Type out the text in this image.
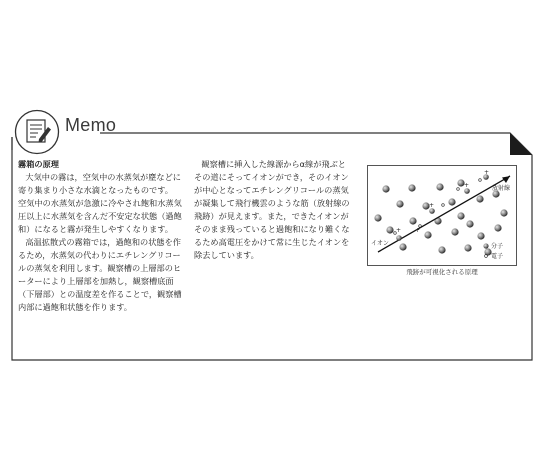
Memo

霧箱の原理

大気中の霧は，空気中の水蒸気が塵などに寄り集まり小さな水滴となったものです。

空気中の水蒸気が急激に冷やされ飽和水蒸気圧以上に水蒸気を含んだ不安定な状態（過飽和）になると霧が発生しやすくなります。

高温拡散式の霧箱では，過飽和の状態を作るため，水蒸気の代わりにエチレングリコールの蒸気を利用します。観察槽の上層部のヒーターにより上層部を加熱し，観察槽底面（下層部）との温度差を作ることで，観察槽内部に過飽和状態を作ります。

観察槽に挿入した線源からα線が飛ぶとその道にそってイオンができ，そのイオンが中心となってエチレングリコールの蒸気が凝集して飛行機雲のような筋（放射線の飛跡）が見えます。また，できたイオンがそのまま残っていると過飽和になり難くなるため高電圧をかけて常に生じたイオンを除去しています。

+ +
+
+
+
放射線
イオン	分子
電子
飛跡が可視化される原理
